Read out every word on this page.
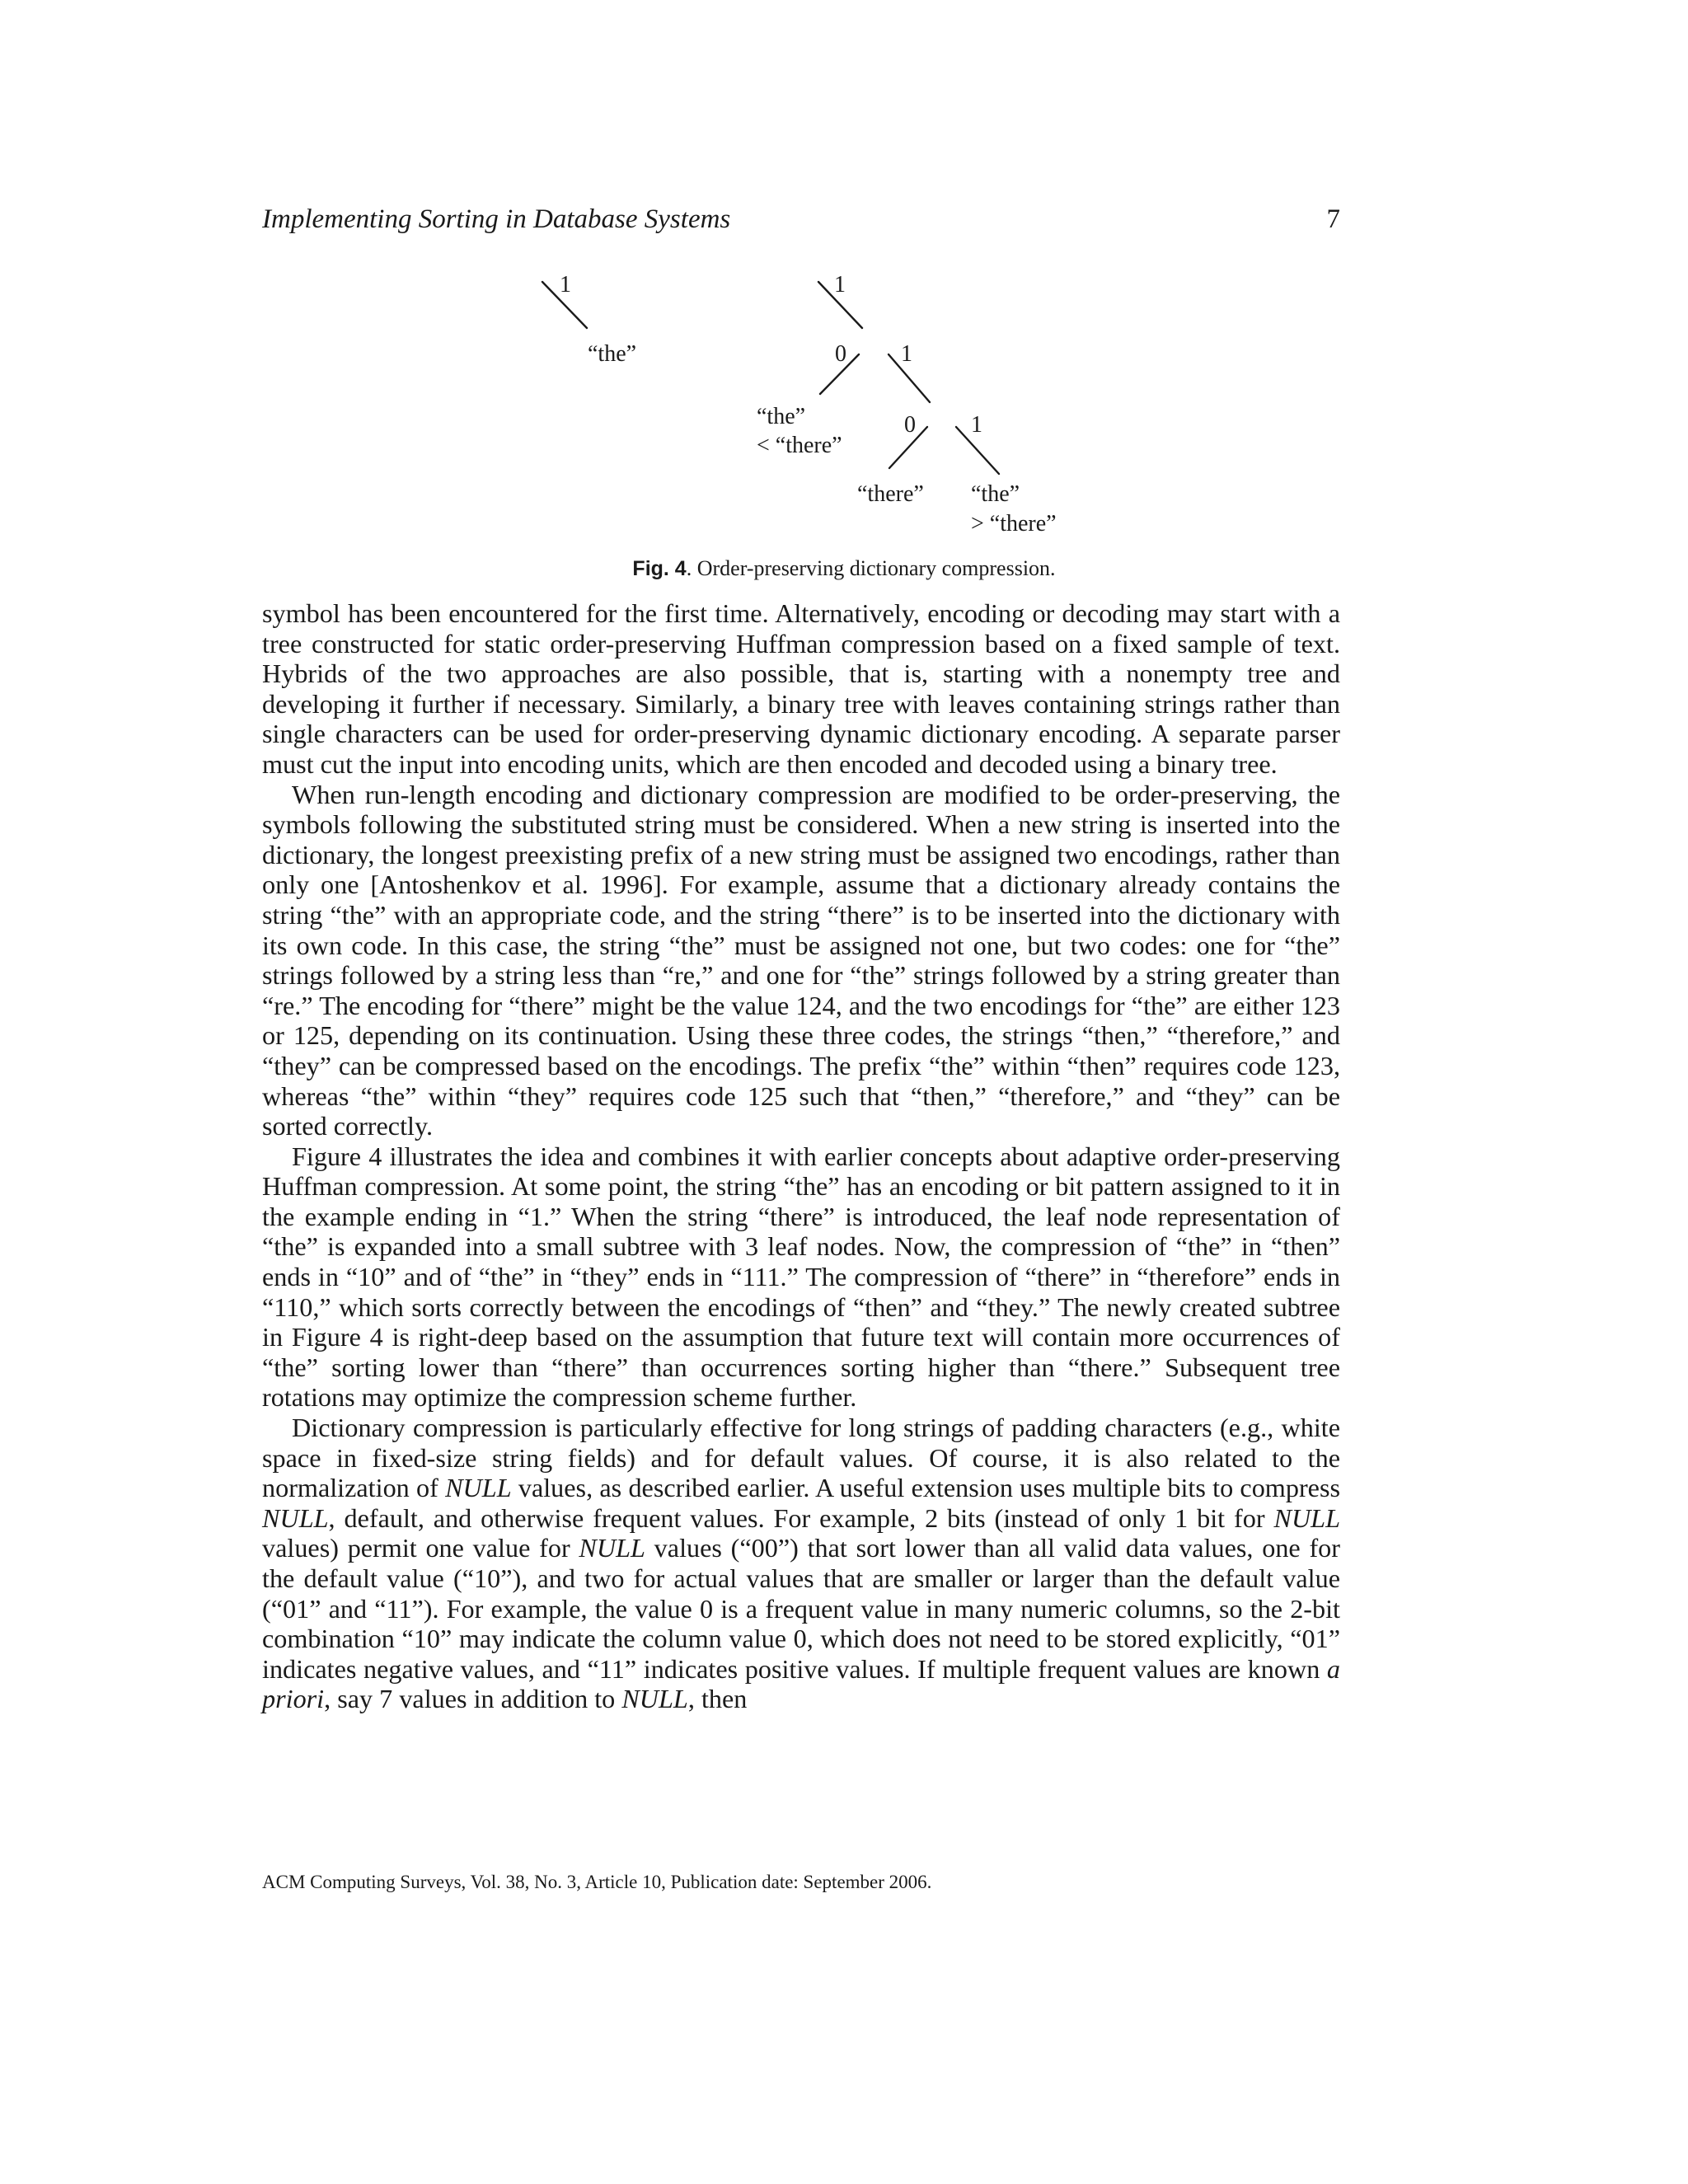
Implementing Sorting in Database Systems	7
1
“the”
1
0 1
“the”
< “there”
0 1
“there” “the”
> “there”
Fig. 4. Order-preserving dictionary compression.

symbol has been encountered for the first time. Alternatively, encoding or decoding may start with a tree constructed for static order-preserving Huffman compression based on a fixed sample of text. Hybrids of the two approaches are also possible, that is, starting with a nonempty tree and developing it further if necessary. Similarly, a binary tree with leaves containing strings rather than single characters can be used for order-preserving dynamic dictionary encoding. A separate parser must cut the input into encoding units, which are then encoded and decoded using a binary tree.

When run-length encoding and dictionary compression are modified to be order-preserving, the symbols following the substituted string must be considered. When a new string is inserted into the dictionary, the longest preexisting prefix of a new string must be assigned two encodings, rather than only one [Antoshenkov et al. 1996]. For example, assume that a dictionary already contains the string “the” with an appropriate code, and the string “there” is to be inserted into the dictionary with its own code. In this case, the string “the” must be assigned not one, but two codes: one for “the” strings followed by a string less than “re,” and one for “the” strings followed by a string greater than “re.” The encoding for “there” might be the value 124, and the two encodings for “the” are either 123 or 125, depending on its continuation. Using these three codes, the strings “then,” “therefore,” and “they” can be compressed based on the encodings. The prefix “the” within “then” requires code 123, whereas “the” within “they” requires code 125 such that “then,” “therefore,” and “they” can be sorted correctly.

Figure 4 illustrates the idea and combines it with earlier concepts about adaptive order-preserving Huffman compression. At some point, the string “the” has an encoding or bit pattern assigned to it in the example ending in “1.” When the string “there” is introduced, the leaf node representation of “the” is expanded into a small subtree with 3 leaf nodes. Now, the compression of “the” in “then” ends in “10” and of “the” in “they” ends in “111.” The compression of “there” in “therefore” ends in “110,” which sorts correctly between the encodings of “then” and “they.” The newly created subtree in Figure 4 is right-deep based on the assumption that future text will contain more occurrences of “the” sorting lower than “there” than occurrences sorting higher than “there.” Subsequent tree rotations may optimize the compression scheme further.

Dictionary compression is particularly effective for long strings of padding characters (e.g., white space in fixed-size string fields) and for default values. Of course, it is also related to the normalization of NULL values, as described earlier. A useful extension uses multiple bits to compress NULL, default, and otherwise frequent values. For example, 2 bits (instead of only 1 bit for NULL values) permit one value for NULL values (“00”) that sort lower than all valid data values, one for the default value (“10”), and two for actual values that are smaller or larger than the default value (“01” and “11”). For example, the value 0 is a frequent value in many numeric columns, so the 2-bit combination “10” may indicate the column value 0, which does not need to be stored explicitly, “01” indicates negative values, and “11” indicates positive values. If multiple frequent values are known a priori, say 7 values in addition to NULL, then

ACM Computing Surveys, Vol. 38, No. 3, Article 10, Publication date: September 2006.
